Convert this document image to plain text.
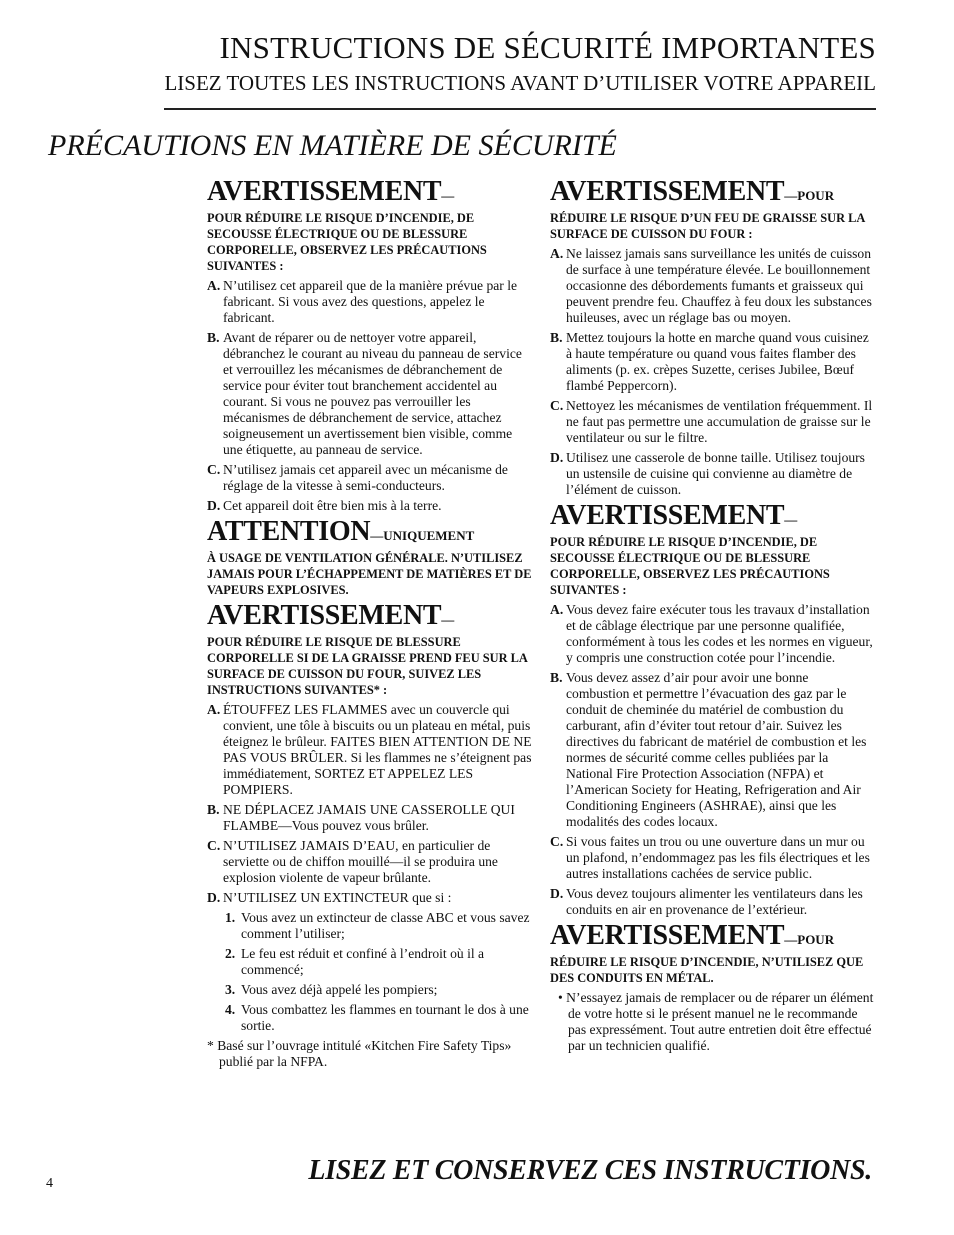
INSTRUCTIONS DE SÉCURITÉ IMPORTANTES
LISEZ TOUTES LES INSTRUCTIONS AVANT D’UTILISER VOTRE APPAREIL
PRÉCAUTIONS EN MATIÈRE DE SÉCURITÉ

AVERTISSEMENT—

POUR RÉDUIRE LE RISQUE D’INCENDIE, DE SECOUSSE ÉLECTRIQUE OU DE BLESSURE CORPORELLE, OBSERVEZ LES PRÉCAUTIONS SUIVANTES :

A. N’utilisez cet appareil que de la manière prévue par le fabricant. Si vous avez des questions, appelez le fabricant.

B. Avant de réparer ou de nettoyer votre appareil, débranchez le courant au niveau du panneau de service et verrouillez les mécanismes de débranchement de service pour éviter tout branchement accidentel au courant. Si vous ne pouvez pas verrouiller les mécanismes de débranchement de service, attachez soigneusement un avertissement bien visible, comme une étiquette, au panneau de service.

C. N’utilisez jamais cet appareil avec un mécanisme de réglage de la vitesse à semi-conducteurs.

D. Cet appareil doit être bien mis à la terre.

ATTENTION—UNIQUEMENT

À USAGE DE VENTILATION GÉNÉRALE. N’UTILISEZ JAMAIS POUR L’ÉCHAPPEMENT DE MATIÈRES ET DE VAPEURS EXPLOSIVES.

AVERTISSEMENT—

POUR RÉDUIRE LE RISQUE DE BLESSURE CORPORELLE SI DE LA GRAISSE PREND FEU SUR LA SURFACE DE CUISSON DU FOUR, SUIVEZ LES INSTRUCTIONS SUIVANTES* :

A. ÉTOUFFEZ LES FLAMMES avec un couvercle qui convient, une tôle à biscuits ou un plateau en métal, puis éteignez le brûleur. FAITES BIEN ATTENTION DE NE PAS VOUS BRÛLER. Si les flammes ne s’éteignent pas immédiatement, SORTEZ ET APPELEZ LES POMPIERS.

B. NE DÉPLACEZ JAMAIS UNE CASSEROLLE QUI FLAMBE—Vous pouvez vous brûler.

C. N’UTILISEZ JAMAIS D’EAU, en particulier de serviette ou de chiffon mouillé—il se produira une explosion violente de vapeur brûlante.

D. N’UTILISEZ UN EXTINCTEUR que si :

1. Vous avez un extincteur de classe ABC et vous savez comment l’utiliser;

2. Le feu est réduit et confiné à l’endroit où il a commencé;

3. Vous avez déjà appelé les pompiers;

4. Vous combattez les flammes en tournant le dos à une sortie.

* Basé sur l’ouvrage intitulé «Kitchen Fire Safety Tips» publié par la NFPA.

AVERTISSEMENT—POUR

RÉDUIRE LE RISQUE D’UN FEU DE GRAISSE SUR LA SURFACE DE CUISSON DU FOUR :

A. Ne laissez jamais sans surveillance les unités de cuisson de surface à une température élevée. Le bouillonnement occasionne des débordements fumants et graisseux qui peuvent prendre feu. Chauffez à feu doux les substances huileuses, avec un réglage bas ou moyen.

B. Mettez toujours la hotte en marche quand vous cuisinez à haute température ou quand vous faites flamber des aliments (p. ex. crèpes Suzette, cerises Jubilee, Bœuf flambé Peppercorn).

C. Nettoyez les mécanismes de ventilation fréquemment. Il ne faut pas permettre une accumulation de graisse sur le ventilateur ou sur le filtre.

D. Utilisez une casserole de bonne taille. Utilisez toujours un ustensile de cuisine qui convienne au diamètre de l’élément de cuisson.

AVERTISSEMENT—

POUR RÉDUIRE LE RISQUE D’INCENDIE, DE SECOUSSE ÉLECTRIQUE OU DE BLESSURE CORPORELLE, OBSERVEZ LES PRÉCAUTIONS SUIVANTES :

A. Vous devez faire exécuter tous les travaux d’installation et de câblage électrique par une personne qualifiée, conformément à tous les codes et les normes en vigueur, y compris une construction cotée pour l’incendie.

B. Vous devez assez d’air pour avoir une bonne combustion et permettre l’évacuation des gaz par le conduit de cheminée du matériel de combustion du carburant, afin d’éviter tout retour d’air. Suivez les directives du fabricant de matériel de combustion et les normes de sécurité comme celles publiées par la National Fire Protection Association (NFPA) et l’American Society for Heating, Refrigeration and Air Conditioning Engineers (ASHRAE), ainsi que les modalités des codes locaux.

C. Si vous faites un trou ou une ouverture dans un mur ou un plafond, n’endommagez pas les fils électriques et les autres installations cachées de service public.

D. Vous devez toujours alimenter les ventilateurs dans les conduits en air en provenance de l’extérieur.

AVERTISSEMENT—POUR

RÉDUIRE LE RISQUE D’INCENDIE, N’UTILISEZ QUE DES CONDUITS EN MÉTAL.

• N’essayez jamais de remplacer ou de réparer un élément de votre hotte si le présent manuel ne le recommande pas expressément. Tout autre entretien doit être effectué par un technicien qualifié.

LISEZ ET CONSERVEZ CES INSTRUCTIONS.
4
